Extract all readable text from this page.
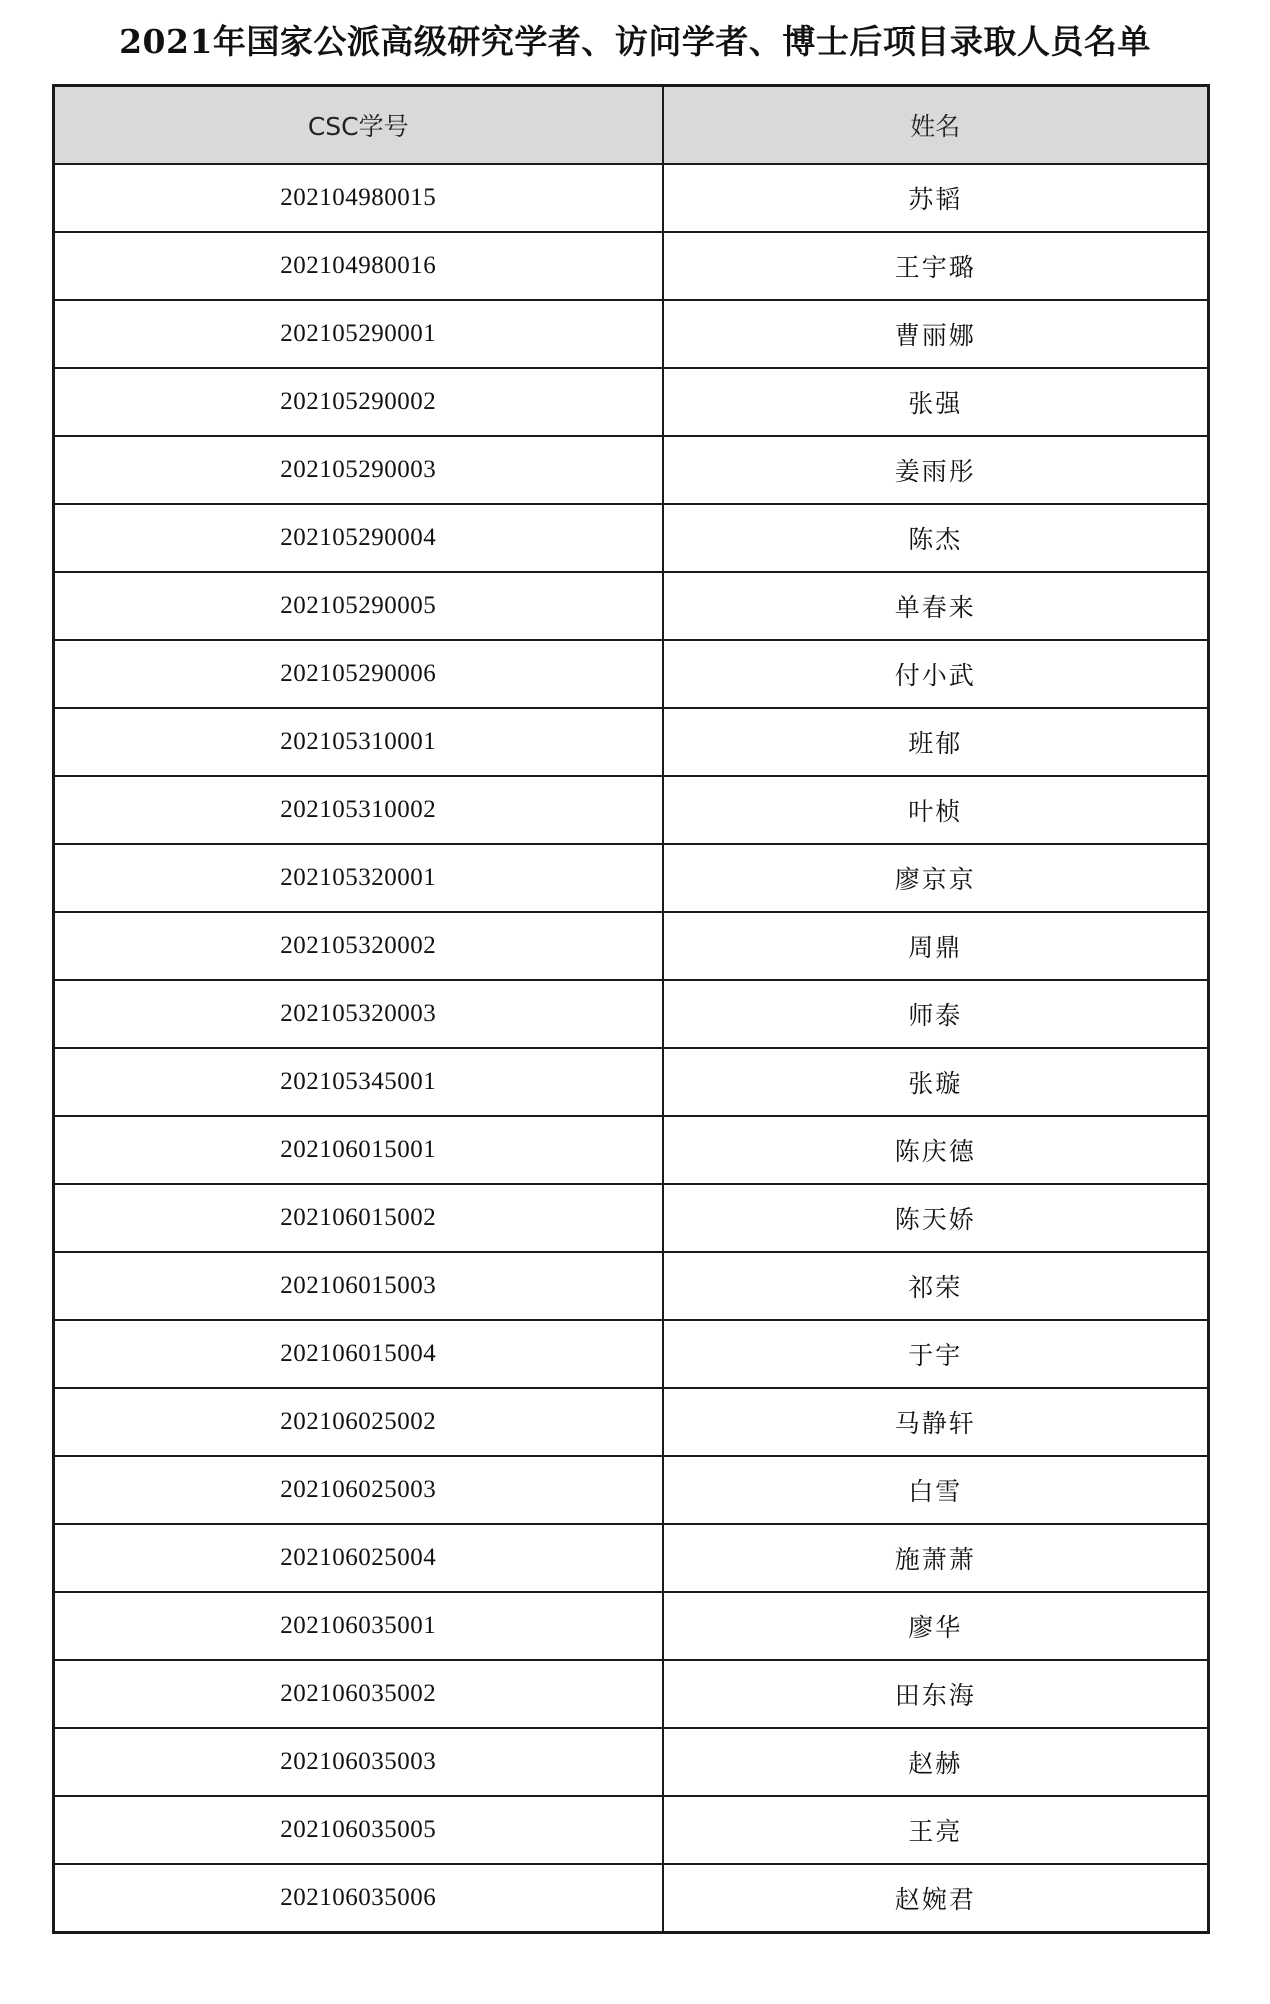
2021年国家公派高级研究学者、访问学者、博士后项目录取人员名单
CSC学号	姓名
202104980015	苏韬
202104980016	王宇璐
202105290001	曹丽娜
202105290002	张强
202105290003	姜雨彤
202105290004	陈杰
202105290005	单春来
202105290006	付小武
202105310001	班郁
202105310002	叶桢
202105320001	廖京京
202105320002	周鼎
202105320003	师泰
202105345001	张璇
202106015001	陈庆德
202106015002	陈天娇
202106015003	祁荣
202106015004	于宇
202106025002	马静轩
202106025003	白雪
202106025004	施萧萧
202106035001	廖华
202106035002	田东海
202106035003	赵赫
202106035005	王亮
202106035006	赵婉君
